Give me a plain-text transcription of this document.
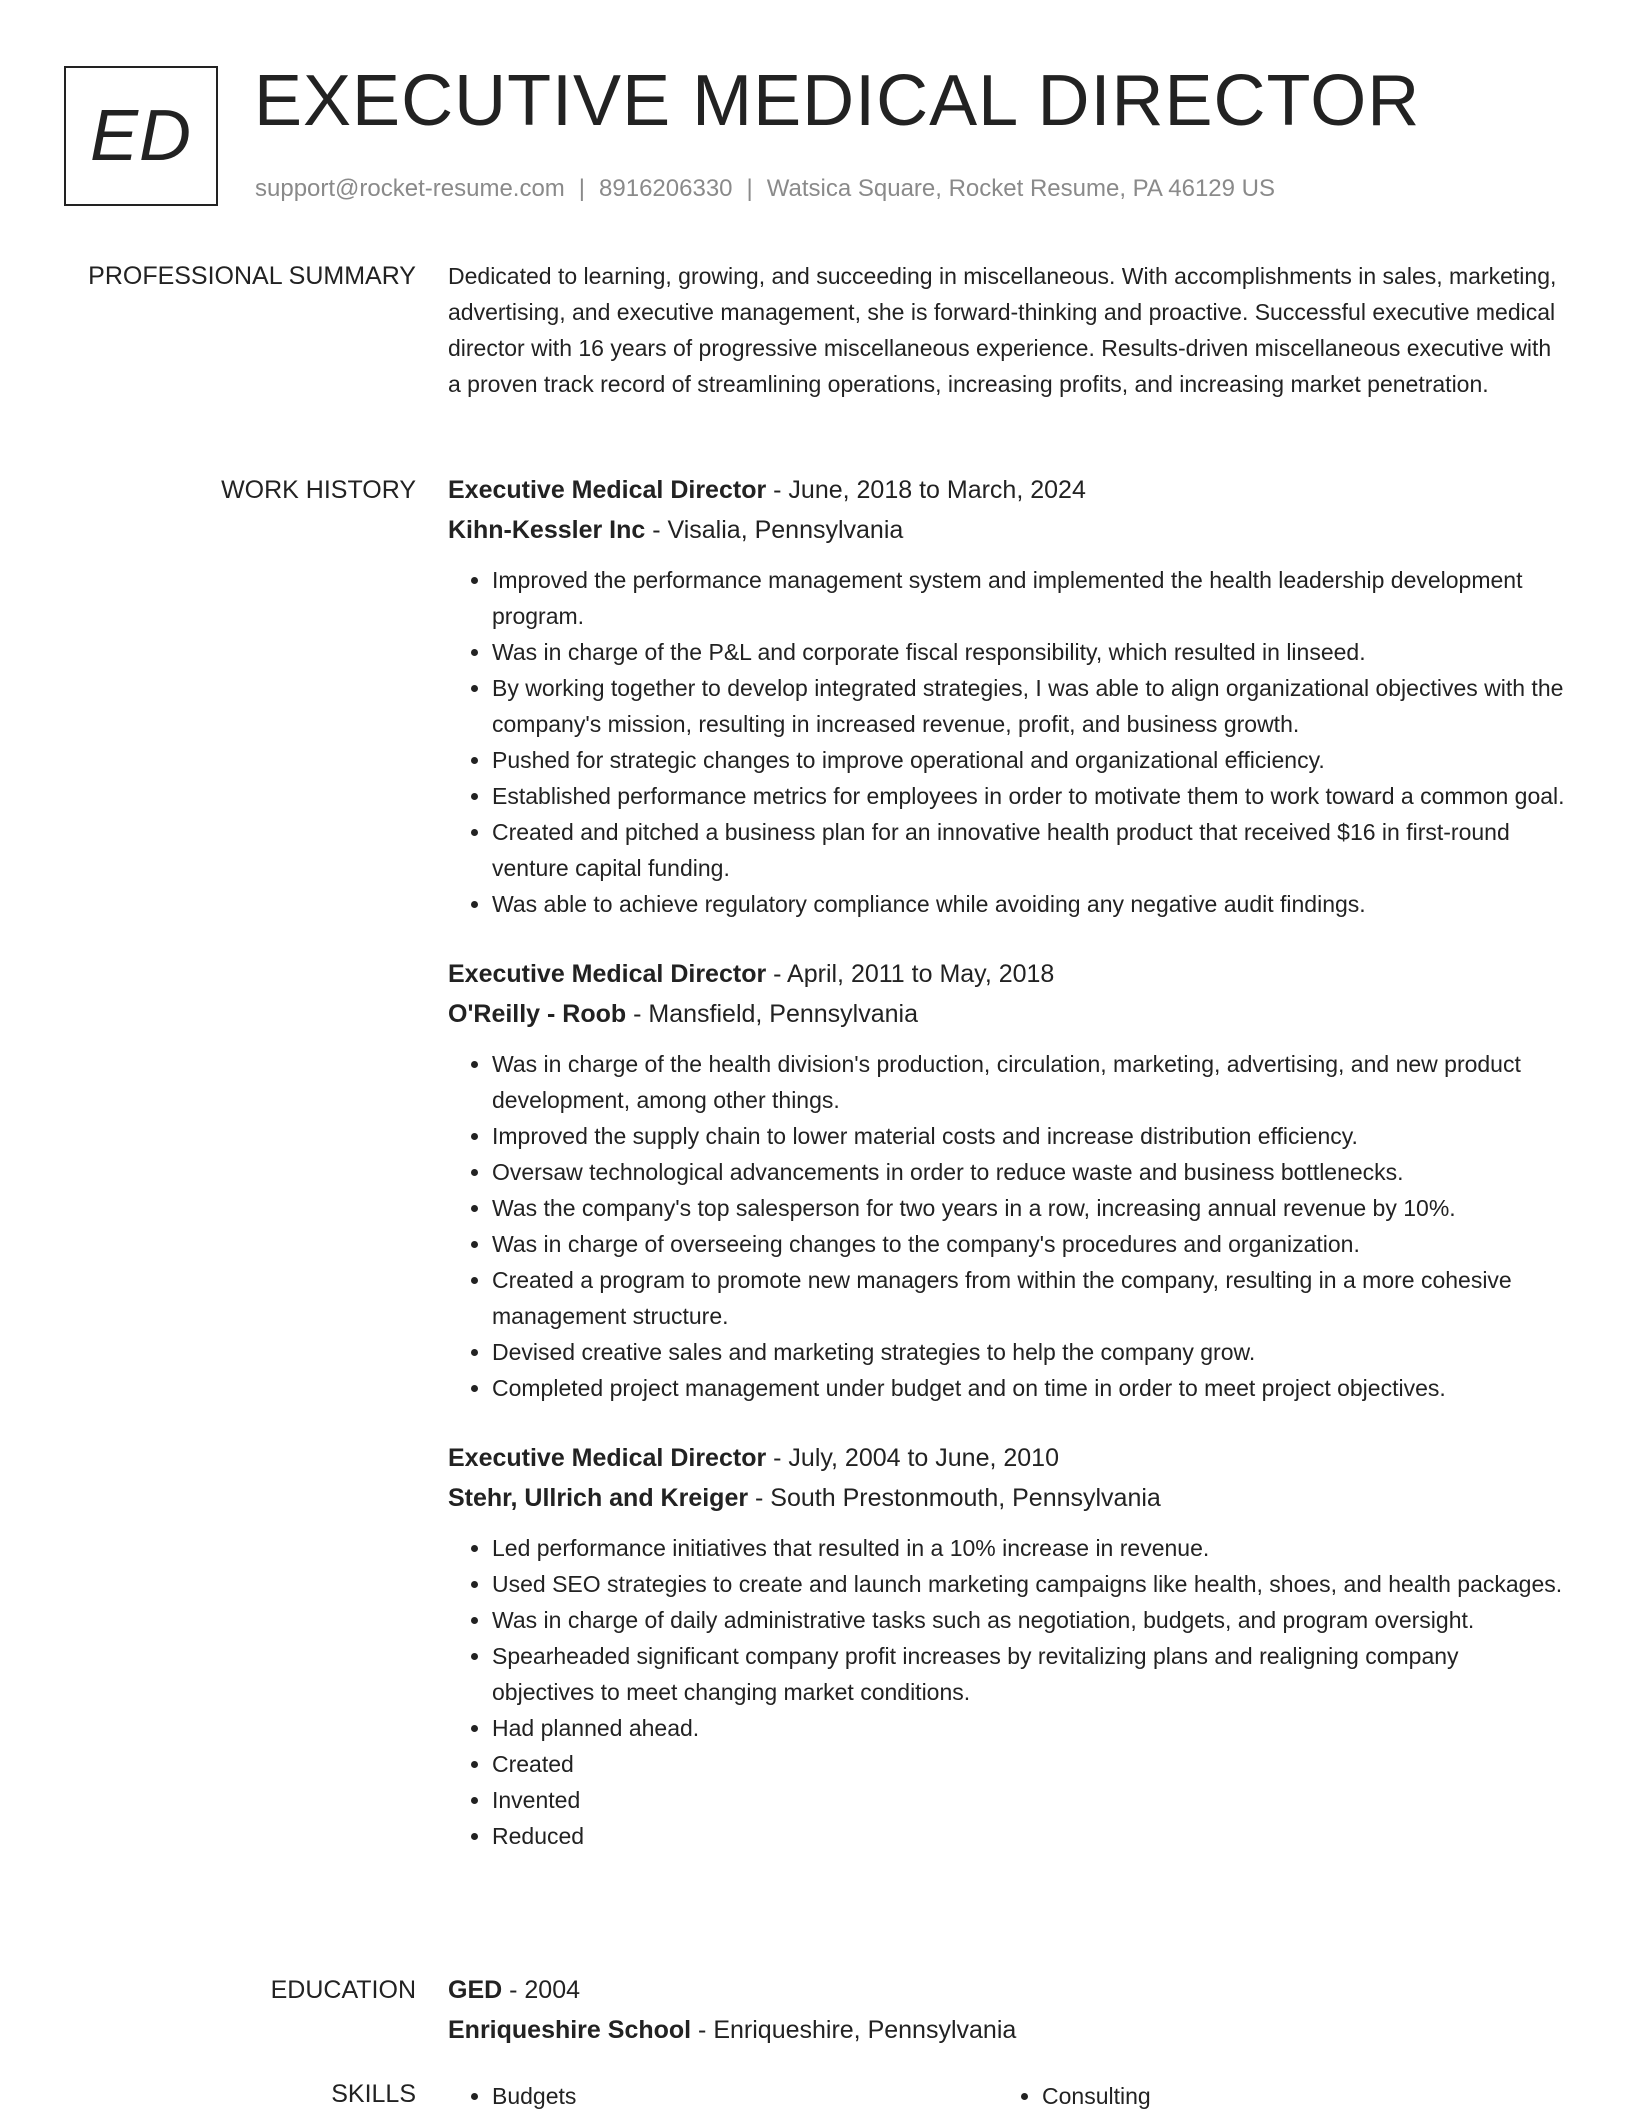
ED EXECUTIVE MEDICAL DIRECTOR
support@rocket-resume.com | 8916206330 | Watsica Square, Rocket Resume, PA 46129 US
PROFESSIONAL SUMMARY Dedicated to learning, growing, and succeeding in miscellaneous. With accomplishments in sales, marketing, advertising, and executive management, she is forward-thinking and proactive. Successful executive medical director with 16 years of progressive miscellaneous experience. Results-driven miscellaneous executive with a proven track record of streamlining operations, increasing profits, and increasing market penetration.

WORK HISTORY Executive Medical Director - June, 2018 to March, 2024
Kihn-Kessler Inc - Visalia, Pennsylvania
• Improved the performance management system and implemented the health leadership development program.
• Was in charge of the P&L and corporate fiscal responsibility, which resulted in linseed.
• By working together to develop integrated strategies, I was able to align organizational objectives with the company's mission, resulting in increased revenue, profit, and business growth.
• Pushed for strategic changes to improve operational and organizational efficiency.
• Established performance metrics for employees in order to motivate them to work toward a common goal.
• Created and pitched a business plan for an innovative health product that received $16 in first-round venture capital funding.
• Was able to achieve regulatory compliance while avoiding any negative audit findings.
Executive Medical Director - April, 2011 to May, 2018
O'Reilly - Roob - Mansfield, Pennsylvania
• Was in charge of the health division's production, circulation, marketing, advertising, and new product development, among other things.
• Improved the supply chain to lower material costs and increase distribution efficiency.
• Oversaw technological advancements in order to reduce waste and business bottlenecks.
• Was the company's top salesperson for two years in a row, increasing annual revenue by 10%.
• Was in charge of overseeing changes to the company's procedures and organization.
• Created a program to promote new managers from within the company, resulting in a more cohesive management structure.
• Devised creative sales and marketing strategies to help the company grow.
• Completed project management under budget and on time in order to meet project objectives.
Executive Medical Director - July, 2004 to June, 2010
Stehr, Ullrich and Kreiger - South Prestonmouth, Pennsylvania
• Led performance initiatives that resulted in a 10% increase in revenue.
• Used SEO strategies to create and launch marketing campaigns like health, shoes, and health packages.
• Was in charge of daily administrative tasks such as negotiation, budgets, and program oversight.
• Spearheaded significant company profit increases by revitalizing plans and realigning company objectives to meet changing market conditions.
• Had planned ahead.
• Created
• Invented
• Reduced
EDUCATION GED - 2004
Enriqueshire School - Enriqueshire, Pennsylvania
SKILLS	• Budgets	• Consulting
